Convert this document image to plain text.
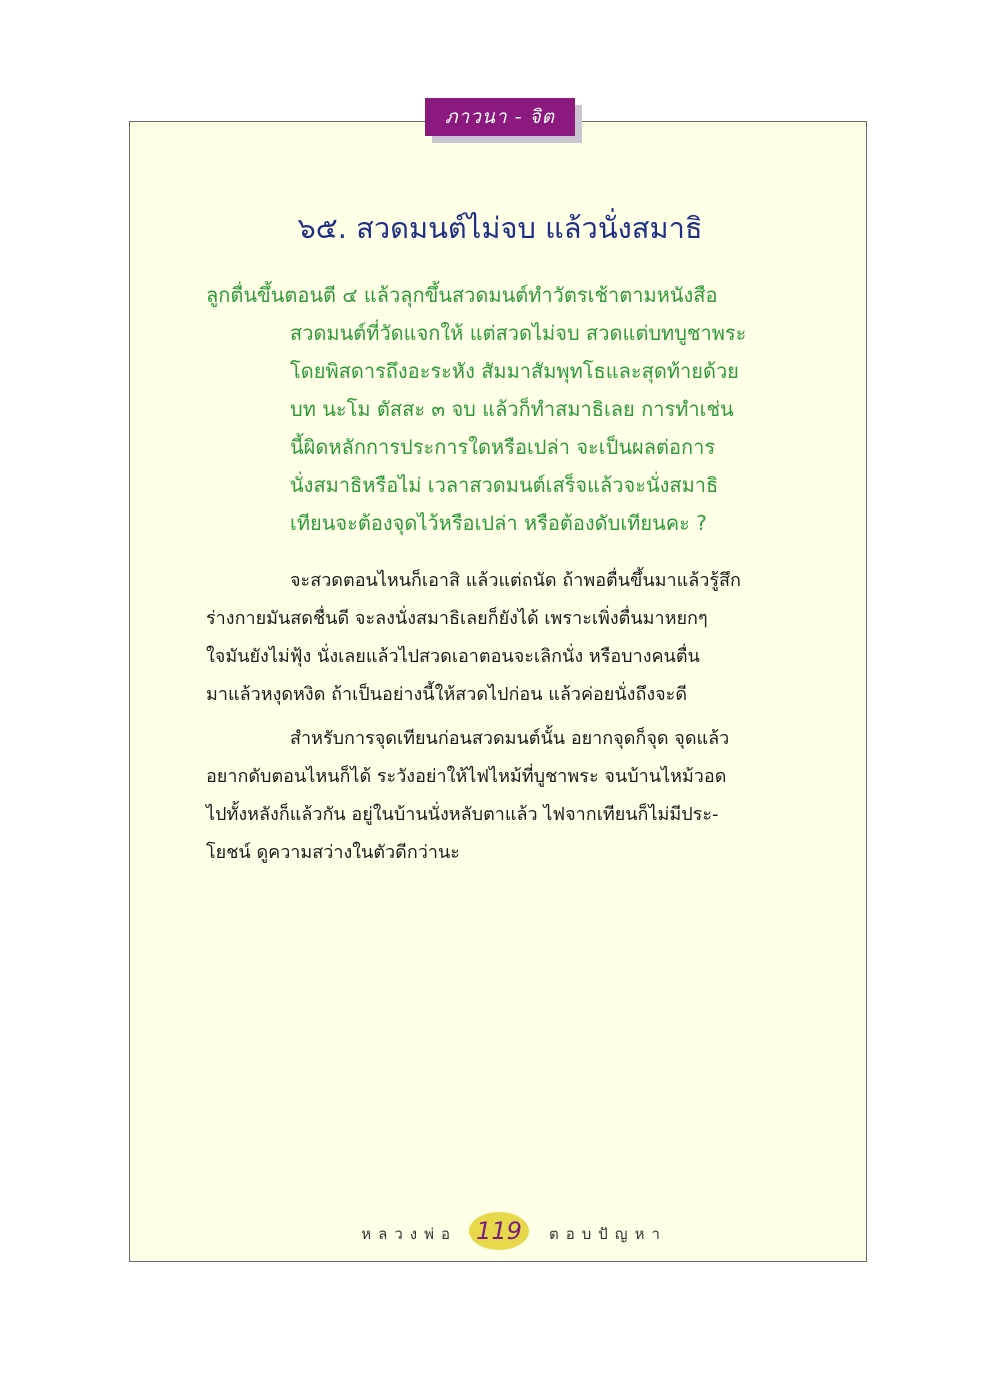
ภาวนา - จิต
๖๕. สวดมนต์ไม่จบ แล้วนั่งสมาธิ
ลูกตื่นขึ้นตอนตี ๔ แล้วลุกขึ้นสวดมนต์ทำวัตรเช้าตามหนังสือ
สวดมนต์ที่วัดแจกให้ แต่สวดไม่จบ สวดแต่บทบูชาพระ
โดยพิสดารถึงอะระหัง สัมมาสัมพุทโธและสุดท้ายด้วย
บท นะโม ตัสสะ ๓ จบ แล้วก็ทำสมาธิเลย การทำเช่น
นี้ผิดหลักการประการใดหรือเปล่า จะเป็นผลต่อการ
นั่งสมาธิหรือไม่ เวลาสวดมนต์เสร็จแล้วจะนั่งสมาธิ
เทียนจะต้องจุดไว้หรือเปล่า หรือต้องดับเทียนคะ ?
จะสวดตอนไหนก็เอาสิ แล้วแต่ถนัด ถ้าพอตื่นขึ้นมาแล้วรู้สึก
ร่างกายมันสดชื่นดี จะลงนั่งสมาธิเลยก็ยังได้ เพราะเพิ่งตื่นมาหยกๆ
ใจมันยังไม่ฟุ้ง นั่งเลยแล้วไปสวดเอาตอนจะเลิกนั่ง หรือบางคนตื่น
มาแล้วหงุดหงิด ถ้าเป็นอย่างนี้ให้สวดไปก่อน แล้วค่อยนั่งถึงจะดี
สำหรับการจุดเทียนก่อนสวดมนต์นั้น อยากจุดก็จุด จุดแล้ว
อยากดับตอนไหนก็ได้ ระวังอย่าให้ไฟไหม้ที่บูชาพระ จนบ้านไหม้วอด
ไปทั้งหลังก็แล้วกัน อยู่ในบ้านนั่งหลับตาแล้ว ไฟจากเทียนก็ไม่มีประ-
โยชน์ ดูความสว่างในตัวดีกว่านะ
หลวงพ่อ 119	ตอบปัญหา
